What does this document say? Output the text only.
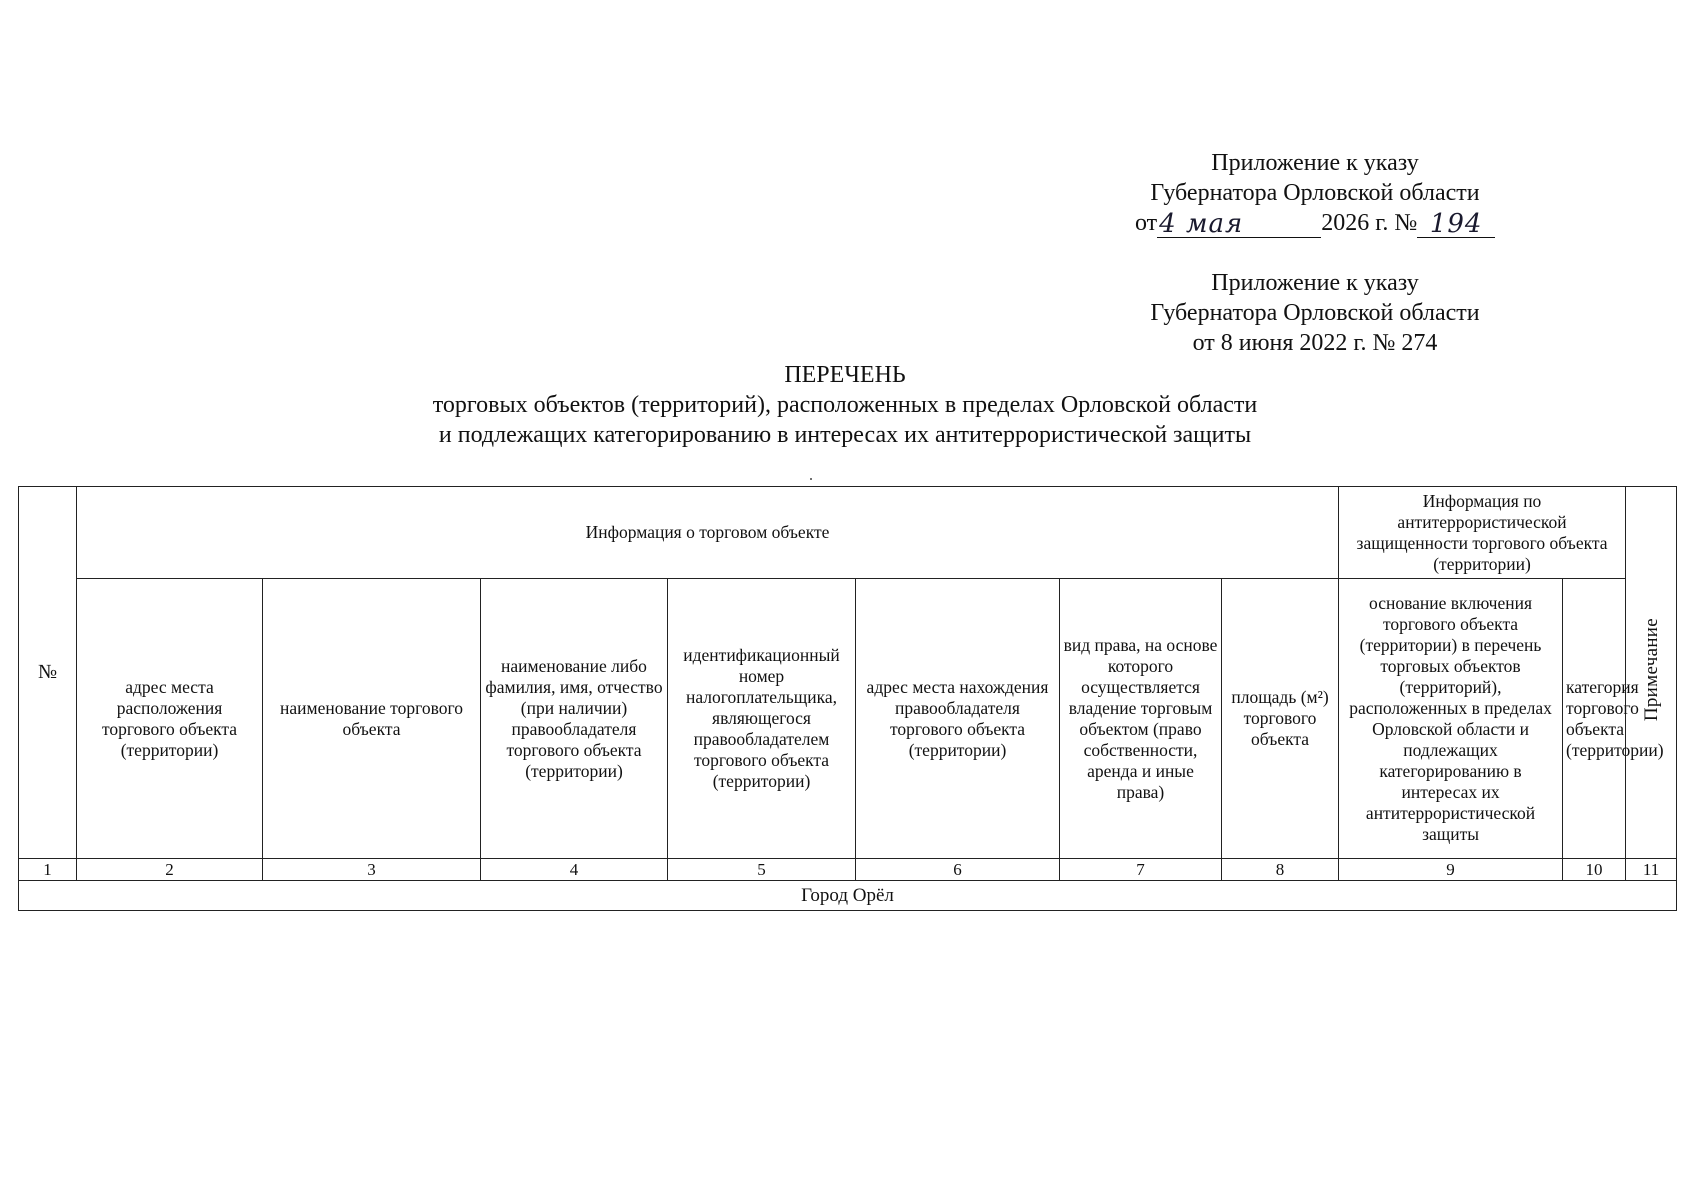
Приложение к указу
Губернатора Орловской области
от 4 мая	2026 г. № 194
Приложение к указу
Губернатора Орловской области
от 8 июня 2022 г. № 274
ПЕРЕЧЕНЬ
торговых объектов (территорий), расположенных в пределах Орловской области
и подлежащих категорированию в интересах их антитеррористической защиты
№	Информация о торговом объекте							Информация по антитеррористической защищенности торгового объекта (территории)		Примечание
	адрес места расположения торгового объекта (территории)	наименование торгового объекта	наименование либо фамилия, имя, отчество (при наличии) правообладателя торгового объекта (территории)	идентификационный номер налогоплательщика, являющегося правообладателем торгового объекта (территории)	адрес места нахождения правообладателя торгового объекта (территории)	вид права, на основе которого осуществляется владение торговым объектом (право собственности, аренда и иные права)	площадь (м²) торгового объекта	основание включения торгового объекта (территории) в перечень торговых объектов (территорий), расположенных в пределах Орловской области и подлежащих категорированию в интересах их антитеррористической защиты	категория торгового объекта (территории)	
1	2	3	4	5	6	7	8	9	10	11
Город Орёл										
